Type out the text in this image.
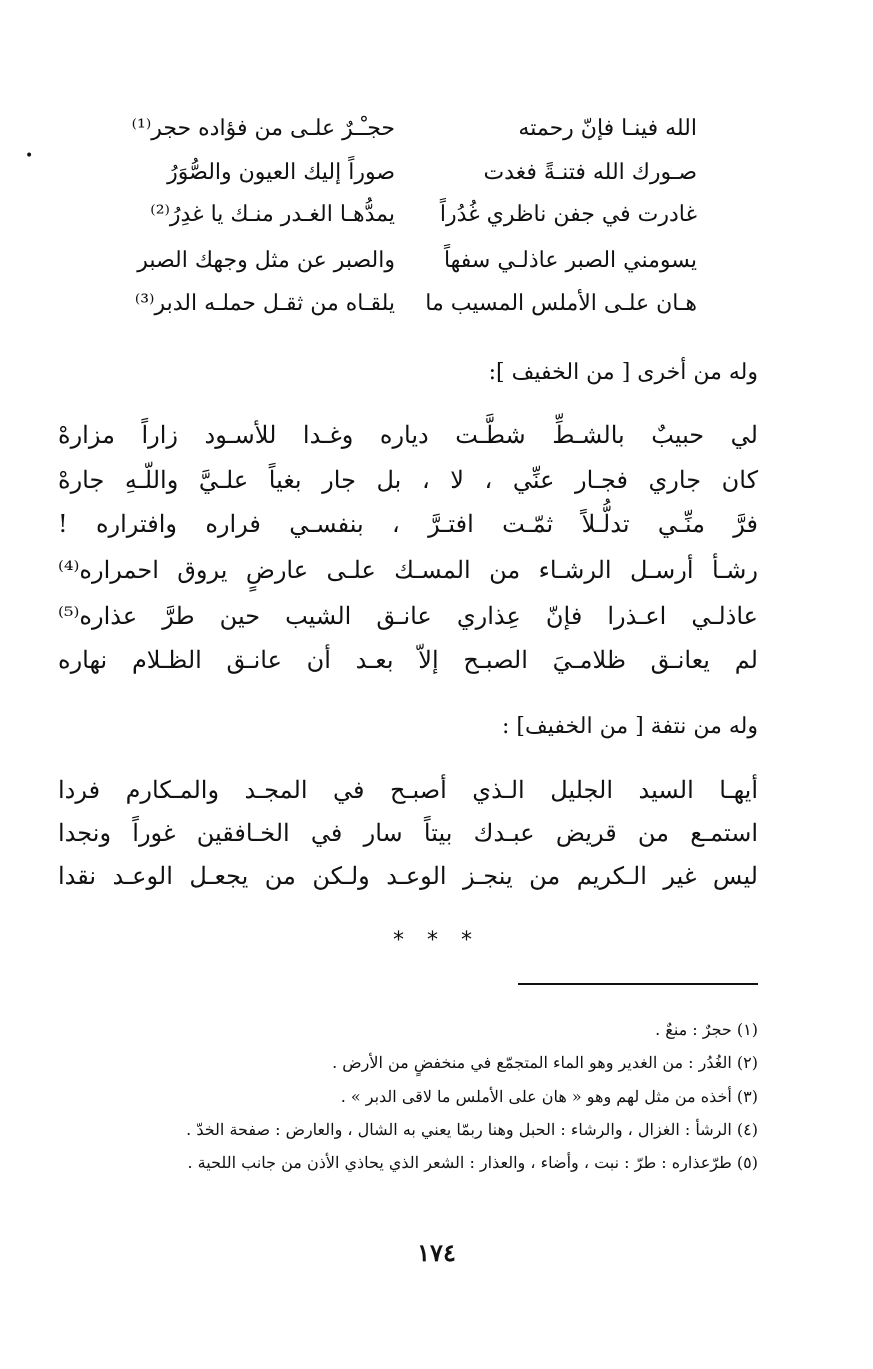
•
الله فينـا فإنّ رحمته
حجـْـرٌ علـى من فؤاده حجر⁽¹⁾
صـورك الله فتنـةً فغدت
صوراً إليك العيون والصُّوَرُ
غادرت في جفن ناظري غُدُراً
يمدُّهـا الغـدر منـك يا غدِرُ⁽²⁾
يسومني الصبر عاذلـي سفهاً
والصبر عن مثل وجهك الصبر
هـان علـى الأملس المسيب ما
يلقـاه من ثقـل حملـه الدبر⁽³⁾
وله من أخرى [ من الخفيف ]:
لي حبيبٌ بالشـطِّ شطَّـت دياره وغـدا للأسـود زاراً مزارهْ
كان جاري فجـار عنِّي ، لا ، بل جار بغياً علـيَّ واللّـهِ جارهْ
فرَّ منِّـي تدلُّـلاً ثمّـت افتـرَّ ، بنفسـي فراره وافتراره !
رشـأ أرسـل الرشـاء من المسـك علـى عارضٍ يروق احمراره⁽⁴⁾
عاذلـي اعـذرا فإنّ عِذاري عانـق الشيب حين طرَّ عذاره⁽⁵⁾
لم يعانـق ظلامـيَ الصبـح إلاّ بعـد أن عانـق الظـلام نهاره
وله من نتفة [ من الخفيف] :
أيهـا السيد الجليل الـذي أصبـح في المجـد والمـكارم فردا
استمـع من قريض عبـدك بيتاً سار في الخـافقين غوراً ونجدا
ليس غير الـكريم من ينجـز الوعـد ولـكن من يجعـل الوعـد نقدا
* * *
(١) حجرٌ : منعٌ .
(٢) الغُدُر : من الغدير وهو الماء المتجمّع في منخفضٍ من الأرض .
(٣) أخذه من مثل لهم وهو « هان على الأملس ما لاقى الدبر » .
(٤) الرشأ : الغزال ، والرشاء : الحبل وهنا ربمّا يعني به الشال ، والعارض : صفحة الخدّ .
(٥) طرّعذاره : طرّ : نبت ، وأضاء ، والعذار : الشعر الذي يحاذي الأذن من جانب اللحية .
١٧٤
